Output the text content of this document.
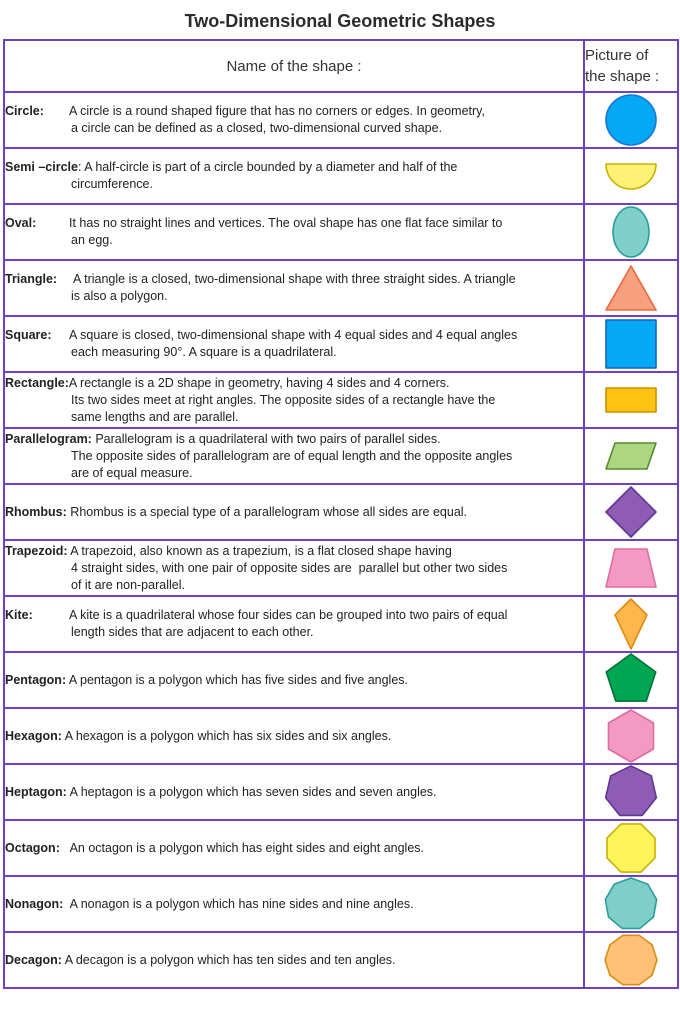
Two-Dimensional Geometric Shapes
Name of the shape :	Picture of
the shape :

Circle: A circle is a round shaped figure that has no corners or edges. In geometry,
a circle can be defined as a closed, two-dimensional curved shape.

Semi –circle : A half-circle is part of a circle bounded by a diameter and half of the
circumference.

Oval: It has no straight lines and vertices. The oval shape has one flat face similar to
an egg.

Triangle: A triangle is a closed, two-dimensional shape with three straight sides. A triangle
is also a polygon.

Square: A square is closed, two-dimensional shape with 4 equal sides and 4 equal angles
each measuring 90°. A square is a quadrilateral.

Rectangle: A rectangle is a 2D shape in geometry, having 4 sides and 4 corners.
Its two sides meet at right angles. The opposite sides of a rectangle have the
same lengths and are parallel.

Parallelogram: Parallelogram is a quadrilateral with two pairs of parallel sides.
The opposite sides of parallelogram are of equal length and the opposite angles
are of equal measure.

Rhombus: Rhombus is a special type of a parallelogram whose all sides are equal.

Trapezoid: A trapezoid, also known as a trapezium, is a flat closed shape having
4 straight sides, with one pair of opposite sides are  parallel but other two sides
of it are non-parallel.

Kite: A kite is a quadrilateral whose four sides can be grouped into two pairs of equal
length sides that are adjacent to each other.

Pentagon: A pentagon is a polygon which has five sides and five angles.

Hexagon: A hexagon is a polygon which has six sides and six angles.

Heptagon: A heptagon is a polygon which has seven sides and seven angles.

Octagon: An octagon is a polygon which has eight sides and eight angles.

Nonagon: A nonagon is a polygon which has nine sides and nine angles.

Decagon: A decagon is a polygon which has ten sides and ten angles.
